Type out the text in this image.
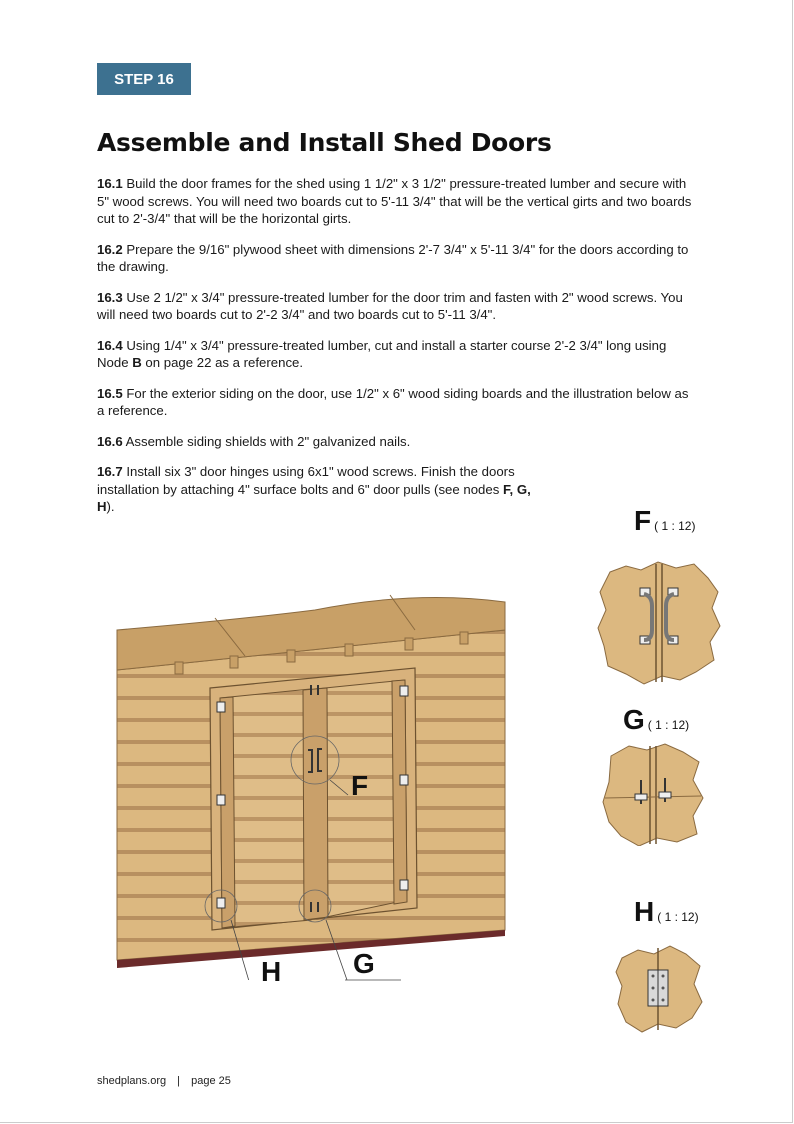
STEP 16
Assemble and Install Shed Doors

16.1 Build the door frames for the shed using 1 1/2" x 3 1/2" pressure-treated lumber and secure with 5" wood screws. You will need two boards cut to 5'-11 3/4" that will be the vertical girts and two boards cut to 2'-3/4" that will be the horizontal girts.

16.2 Prepare the 9/16" plywood sheet with dimensions 2'-7 3/4" x 5'-11 3/4" for the doors according to the drawing.

16.3 Use 2 1/2" x 3/4" pressure-treated lumber for the door trim and fasten with 2" wood screws. You will need two boards cut to 2'-2 3/4" and two boards cut to 5'-11 3/4".

16.4 Using 1/4" x 3/4" pressure-treated lumber, cut and install a starter course 2'-2 3/4" long using Node B on page 22 as a reference.

16.5 For the exterior siding on the door, use 1/2" x 6" wood siding boards and the illustration below as a reference.

16.6 Assemble siding shields with 2" galvanized nails.

16.7 Install six 3" door hinges using 6x1" wood screws. Finish the doors installation by attaching 4" surface bolts and 6" door pulls (see nodes F, G, H).

F
G
H
F ( 1 : 12)
G ( 1 : 12)
H ( 1 : 12)
shedplans.org | page 25
